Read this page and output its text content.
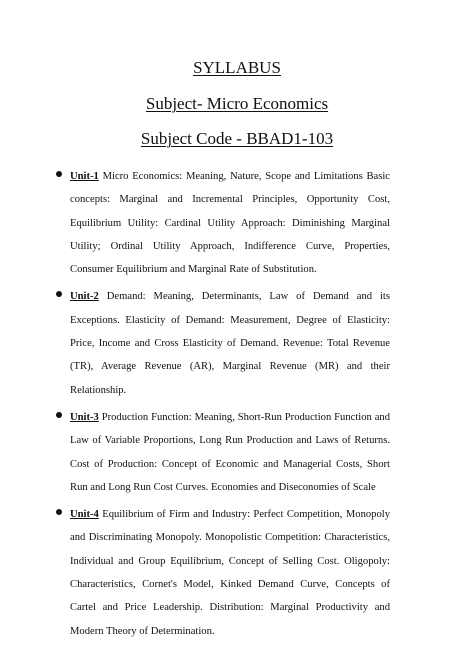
SYLLABUS
Subject- Micro Economics
Subject Code - BBAD1-103
Unit-1 Micro Economics: Meaning, Nature, Scope and Limitations Basic concepts: Marginal and Incremental Principles, Opportunity Cost, Equilibrium Utility: Cardinal Utility Approach: Diminishing Marginal Utility; Ordinal Utility Approach, Indifference Curve, Properties, Consumer Equilibrium and Marginal Rate of Substitution.
Unit-2 Demand: Meaning, Determinants, Law of Demand and its Exceptions. Elasticity of Demand: Measurement, Degree of Elasticity: Price, Income and Cross Elasticity of Demand. Revenue: Total Revenue (TR), Average Revenue (AR), Marginal Revenue (MR) and their Relationship.
Unit-3 Production Function: Meaning, Short-Run Production Function and Law of Variable Proportions, Long Run Production and Laws of Returns. Cost of Production: Concept of Economic and Managerial Costs, Short Run and Long Run Cost Curves. Economies and Diseconomies of Scale
Unit-4 Equilibrium of Firm and Industry: Perfect Competition, Monopoly and Discriminating Monopoly. Monopolistic Competition: Characteristics, Individual and Group Equilibrium, Concept of Selling Cost. Oligopoly: Characteristics, Cornet's Model, Kinked Demand Curve, Concepts of Cartel and Price Leadership. Distribution: Marginal Productivity and Modern Theory of Determination.
